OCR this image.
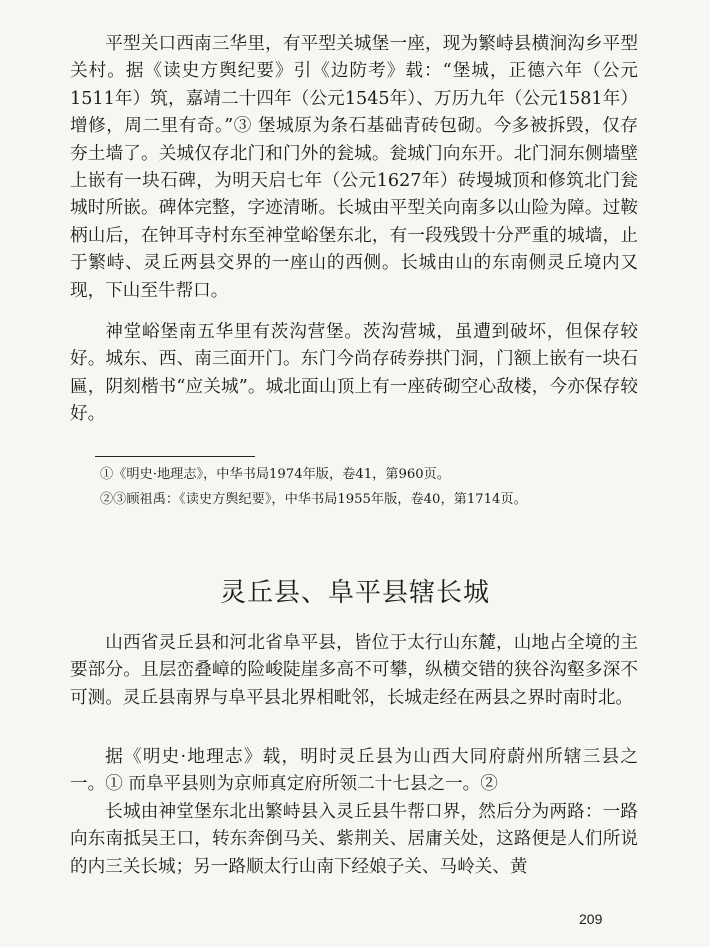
平型关口西南三华里，有平型关城堡一座，现为繁峙县横涧沟乡平型关村。据《读史方舆纪要》引《边防考》载：“堡城，正德六年（公元1511年）筑，嘉靖二十四年（公元1545年）、万历九年（公元1581年）增修，周二里有奇。”③ 堡城原为条石基础青砖包砌。今多被拆毁，仅存夯土墙了。关城仅存北门和门外的瓮城。瓮城门向东开。北门洞东侧墙壁上嵌有一块石碑，为明天启七年（公元1627年）砖墁城顶和修筑北门瓮城时所嵌。碑体完整，字迹清晰。长城由平型关向南多以山险为障。过鞍柄山后，在钟耳寺村东至神堂峪堡东北，有一段残毁十分严重的城墙，止于繁峙、灵丘两县交界的一座山的西侧。长城由山的东南侧灵丘境内又现，下山至牛帮口。

神堂峪堡南五华里有茨沟营堡。茨沟营城，虽遭到破坏，但保存较好。城东、西、南三面开门。东门今尚存砖券拱门洞，门额上嵌有一块石匾，阴刻楷书“应关城”。城北面山顶上有一座砖砌空心敌楼，今亦保存较好。

①《明史·地理志》，中华书局1974年版，卷41，第960页。

②③顾祖禹：《读史方舆纪要》，中华书局1955年版，卷40，第1714页。

灵丘县、阜平县辖长城

山西省灵丘县和河北省阜平县，皆位于太行山东麓，山地占全境的主要部分。且层峦叠嶂的险峻陡崖多高不可攀，纵横交错的狭谷沟壑多深不可测。灵丘县南界与阜平县北界相毗邻，长城走经在两县之界时南时北。

据《明史·地理志》载，明时灵丘县为山西大同府蔚州所辖三县之一。① 而阜平县则为京师真定府所领二十七县之一。②

长城由神堂堡东北出繁峙县入灵丘县牛帮口界，然后分为两路：一路向东南抵吴王口，转东奔倒马关、紫荆关、居庸关处，这路便是人们所说的内三关长城；另一路顺太行山南下经娘子关、马岭关、黄

209
